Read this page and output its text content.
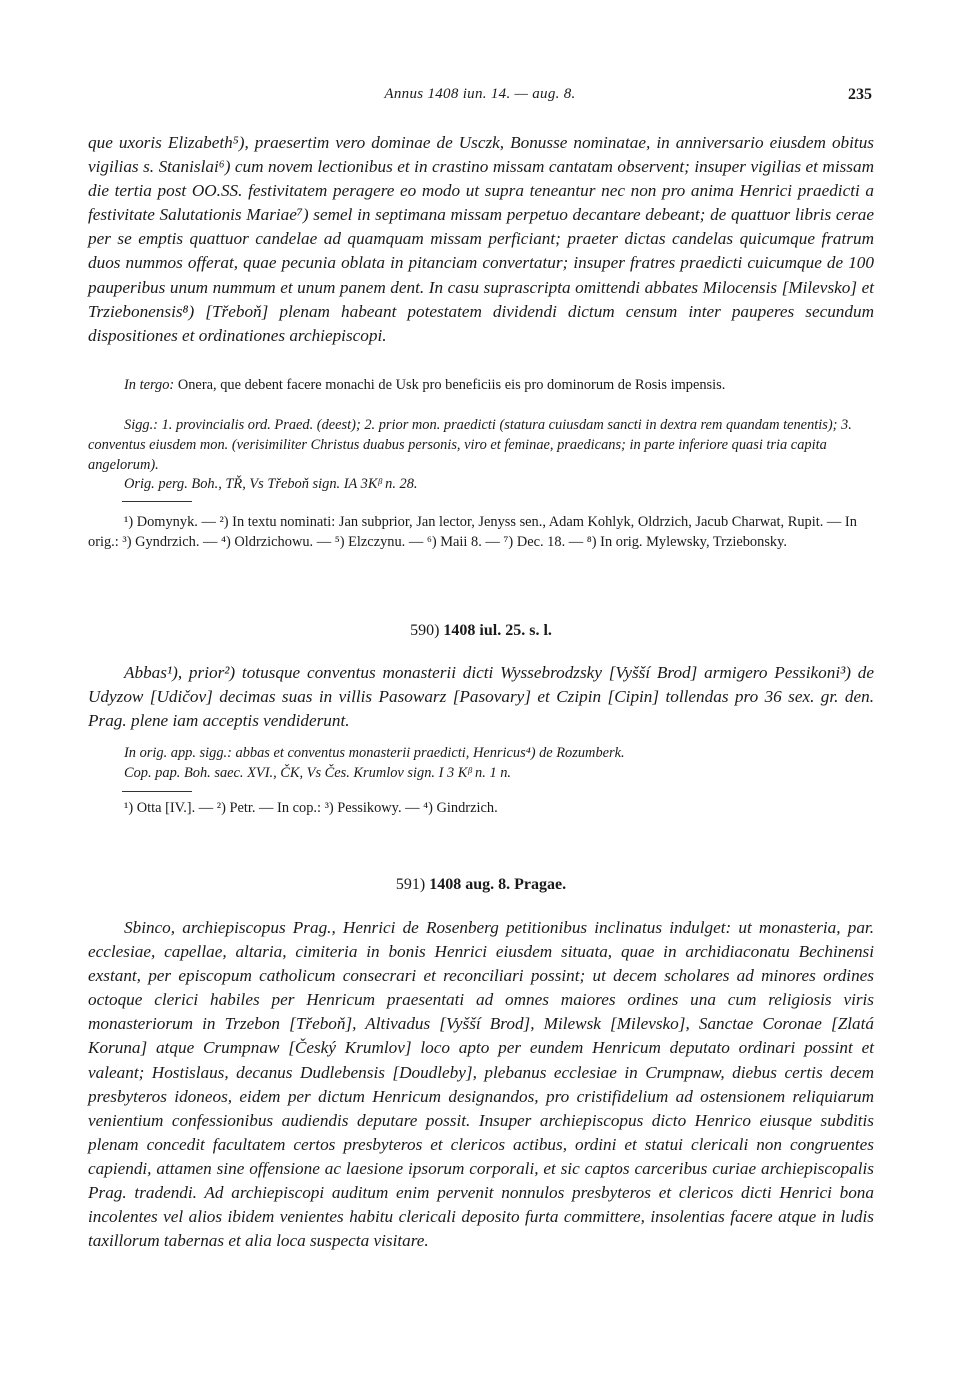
Annus 1408 iun. 14. — aug. 8.	235

que uxoris Elizabeth⁵), praesertim vero dominae de Usczk, Bonusse nominatae, in anniversario eiusdem obitus vigilias s. Stanislai⁶) cum novem lectionibus et in crastino missam cantatam observent; insuper vigilias et missam die tertia post OO.SS. festivitatem peragere eo modo ut supra teneantur nec non pro anima Henrici praedicti a festivitate Salutationis Mariae⁷) semel in septimana missam perpetuo decantare debeant; de quattuor libris cerae per se emptis quattuor candelae ad quamquam missam perficiant; praeter dictas candelas quicumque fratrum duos nummos offerat, quae pecunia oblata in pitanciam convertatur; insuper fratres praedicti cuicumque de 100 pauperibus unum nummum et unum panem dent. In casu suprascripta omittendi abbates Milocensis [Milevsko] et Trziebonensis⁸) [Třeboň] plenam habeant potestatem dividendi dictum censum inter pauperes secundum dispositiones et ordinationes archiepiscopi.

In tergo: Onera, que debent facere monachi de Usk pro beneficiis eis pro dominorum de Rosis impensis.

Sigg.: 1. provincialis ord. Praed. (deest); 2. prior mon. praedicti (statura cuiusdam sancti in dextra rem quandam tenentis); 3. conventus eiusdem mon. (verisimiliter Christus duabus personis, viro et feminae, praedicans; in parte inferiore quasi tria capita angelorum).

Orig. perg. Boh., TŘ, Vs Třeboň sign. IA 3Kᵝ n. 28.

¹) Domynyk. — ²) In textu nominati: Jan subprior, Jan lector, Jenyss sen., Adam Kohlyk, Oldrzich, Jacub Charwat, Rupit. — In orig.: ³) Gyndrzich. — ⁴) Oldrzichowu. — ⁵) Elzczynu. — ⁶) Maii 8. — ⁷) Dec. 18. — ⁸) In orig. Mylewsky, Trziebonsky.

590) 1408 iul. 25. s. l.

Abbas¹), prior²) totusque conventus monasterii dicti Wyssebrodzsky [Vyšší Brod] armigero Pessikoni³) de Udyzow [Udičov] decimas suas in villis Pasowarz [Pasovary] et Czipin [Cipin] tollendas pro 36 sex. gr. den. Prag. plene iam acceptis vendiderunt.

In orig. app. sigg.: abbas et conventus monasterii praedicti, Henricus⁴) de Rozumberk.

Cop. pap. Boh. saec. XVI., ČK, Vs Čes. Krumlov sign. I 3 Kᵝ n. 1 n.

¹) Otta [IV.]. — ²) Petr. — In cop.: ³) Pessikowy. — ⁴) Gindrzich.

591) 1408 aug. 8. Pragae.

Sbinco, archiepiscopus Prag., Henrici de Rosenberg petitionibus inclinatus indulget: ut monasteria, par. ecclesiae, capellae, altaria, cimiteria in bonis Henrici eiusdem situata, quae in archidiaconatu Bechinensi exstant, per episcopum catholicum consecrari et reconciliari possint; ut decem scholares ad minores ordines octoque clerici habiles per Henricum praesentati ad omnes maiores ordines una cum religiosis viris monasteriorum in Trzebon [Třeboň], Altivadus [Vyšší Brod], Milewsk [Milevsko], Sanctae Coronae [Zlatá Koruna] atque Crumpnaw [Český Krumlov] loco apto per eundem Henricum deputato ordinari possint et valeant; Hostislaus, decanus Dudlebensis [Doudleby], plebanus ecclesiae in Crumpnaw, diebus certis decem presbyteros idoneos, eidem per dictum Henricum designandos, pro cristifidelium ad ostensionem reliquiarum venientium confessionibus audiendis deputare possit. Insuper archiepiscopus dicto Henrico eiusque subditis plenam concedit facultatem certos presbyteros et clericos actibus, ordini et statui clericali non congruentes capiendi, attamen sine offensione ac laesione ipsorum corporali, et sic captos carceribus curiae archiepiscopalis Prag. tradendi. Ad archiepiscopi auditum enim pervenit nonnulos presbyteros et clericos dicti Henrici bona incolentes vel alios ibidem venientes habitu clericali deposito furta committere, insolentias facere atque in ludis taxillorum tabernas et alia loca suspecta visitare.
